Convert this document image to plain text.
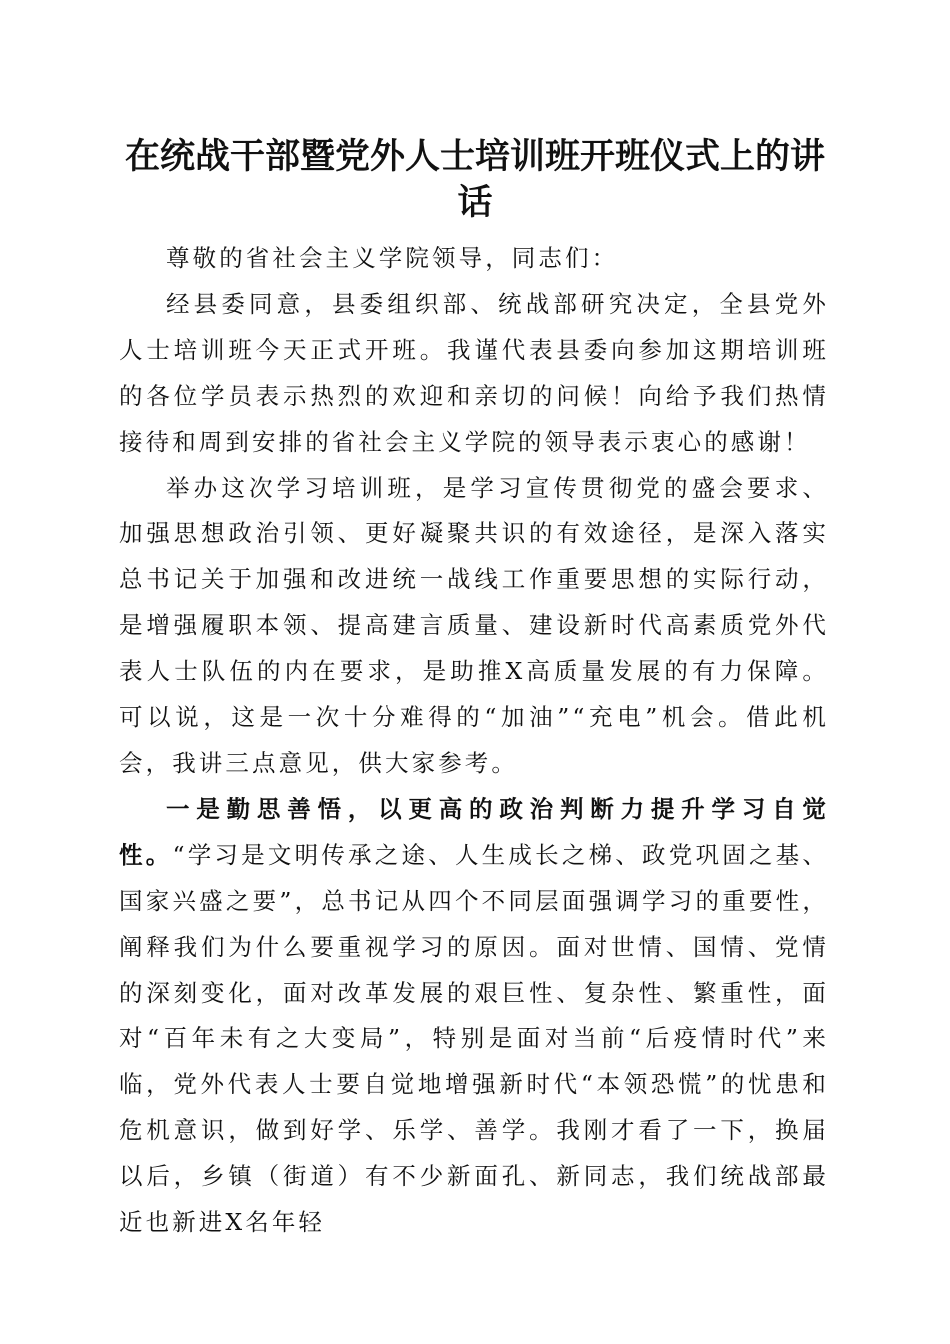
在统战干部暨党外人士培训班开班仪式上的讲话

尊敬的省社会主义学院领导，同志们：

经县委同意，县委组织部、统战部研究决定，全县党外人士培训班今天正式开班。我谨代表县委向参加这期培训班的各位学员表示热烈的欢迎和亲切的问候！向给予我们热情接待和周到安排的省社会主义学院的领导表示衷心的感谢！

举办这次学习培训班，是学习宣传贯彻党的盛会要求、加强思想政治引领、更好凝聚共识的有效途径，是深入落实总书记关于加强和改进统一战线工作重要思想的实际行动，是增强履职本领、提高建言质量、建设新时代高素质党外代表人士队伍的内在要求，是助推X高质量发展的有力保障。可以说，这是一次十分难得的“加油”“充电”机会。借此机会，我讲三点意见，供大家参考。

一是勤思善悟，以更高的政治判断力提升学习自觉性。“学习是文明传承之途、人生成长之梯、政党巩固之基、国家兴盛之要”，总书记从四个不同层面强调学习的重要性，阐释我们为什么要重视学习的原因。面对世情、国情、党情的深刻变化，面对改革发展的艰巨性、复杂性、繁重性，面对“百年未有之大变局”，特别是面对当前“后疫情时代”来临，党外代表人士要自觉地增强新时代“本领恐慌”的忧患和危机意识，做到好学、乐学、善学。我刚才看了一下，换届以后，乡镇（街道）有不少新面孔、新同志，我们统战部最近也新进X名年轻
